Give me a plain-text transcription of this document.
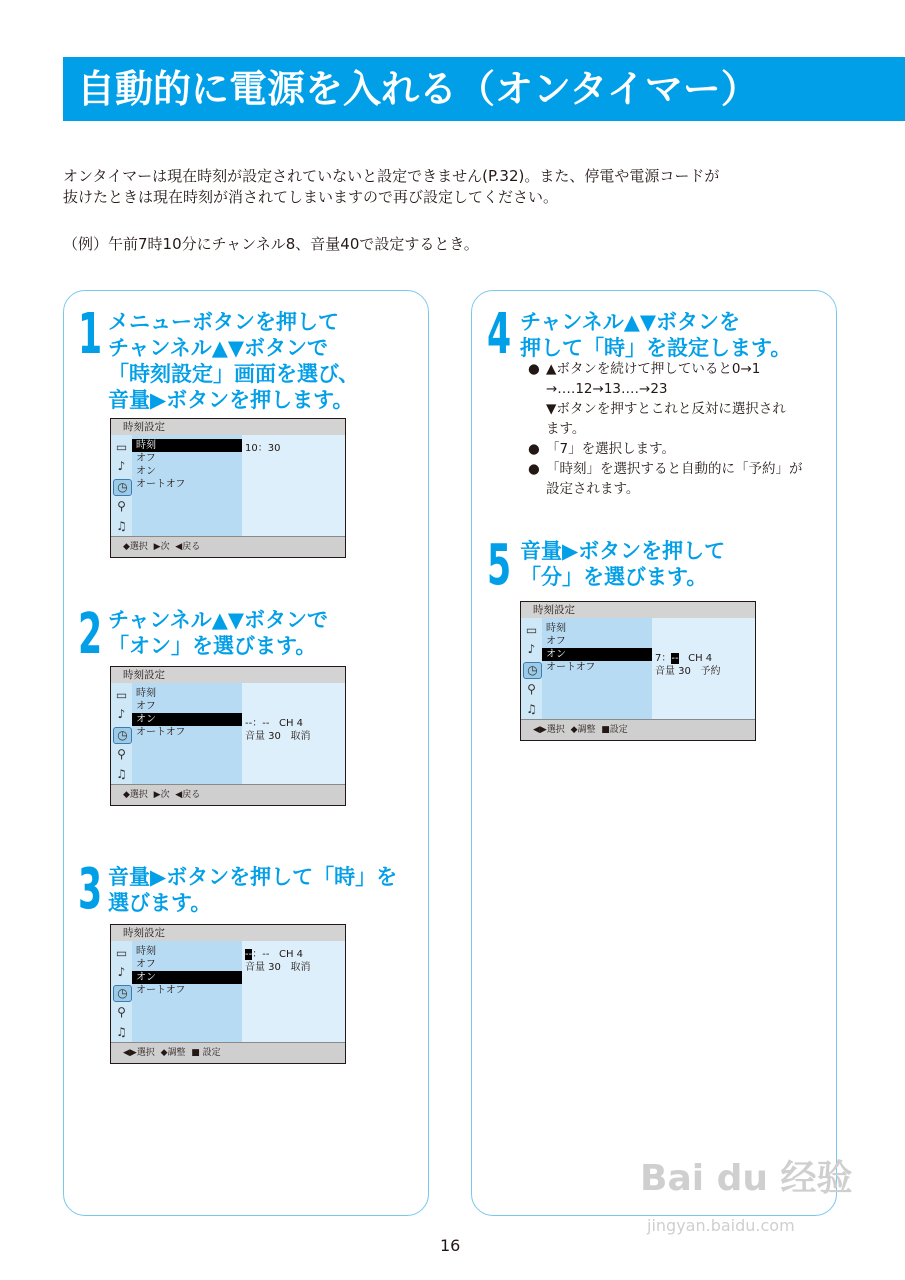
自動的に電源を入れる（オンタイマー）

オンタイマーは現在時刻が設定されていないと設定できません(P.32)。また、停電や電源コードが

抜けたときは現在時刻が消されてしまいますので再び設定してください。

（例）午前7時10分にチャンネル8、音量40で設定するとき。
1 メニューボタンを押して
チャンネル▲▼ボタンで
「時刻設定」画面を選び、
音量▶ボタンを押します。
時刻設定
▭
♪
◷
⚲
♫
時刻
オフ
オン
オートオフ
10：30
◆選択  ▶次  ◀戻る
2 チャンネル▲▼ボタンで
「オン」を選びます。
時刻設定
▭
♪
◷
⚲
♫
時刻
オフ
オン
オートオフ
--：--   CH 4
音量 30   取消
◆選択  ▶次  ◀戻る
3 音量▶ボタンを押して「時」を
選びます。
時刻設定
▭
♪
◷
⚲
♫
時刻
オフ
オン
オートオフ
--：--   CH 4
音量 30   取消
◀▶選択  ◆調整  ■ 設定
4 チャンネル▲▼ボタンを
押して「時」を設定します。
● ▲ボタンを続けて押していると0→1
→‥‥12→13‥‥→23
▼ボタンを押すとこれと反対に選択され
ます。
● 「7」を選択します。
● 「時刻」を選択すると自動的に「予約」が
設定されます。
5 音量▶ボタンを押して
「分」を選びます。
時刻設定
▭
♪
◷
⚲
♫
時刻
オフ
オン
オートオフ
7：--   CH 4
音量 30   予約
◀▶選択  ◆調整  ■設定
Bai du 经验
jingyan.baidu.com
16
